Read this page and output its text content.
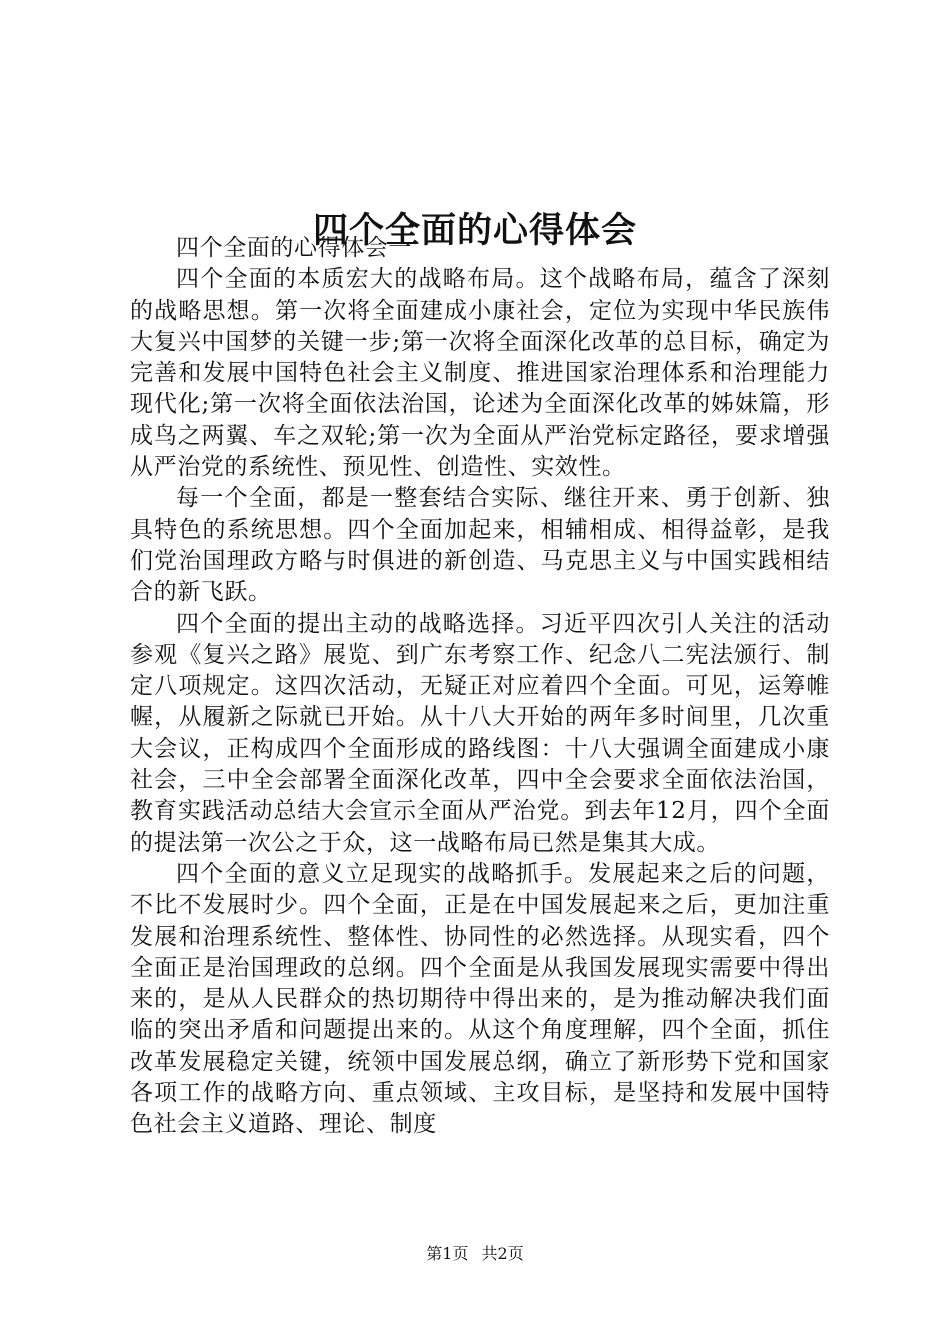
四个全面的心得体会

四个全面的心得体会一

四个全面的本质宏大的战略布局。这个战略布局，蕴含了深刻的战略思想。第一次将全面建成小康社会，定位为实现中华民族伟大复兴中国梦的关键一步;第一次将全面深化改革的总目标，确定为完善和发展中国特色社会主义制度、推进国家治理体系和治理能力现代化;第一次将全面依法治国，论述为全面深化改革的姊妹篇，形成鸟之两翼、车之双轮;第一次为全面从严治党标定路径，要求增强从严治党的系统性、预见性、创造性、实效性。

每一个全面，都是一整套结合实际、继往开来、勇于创新、独具特色的系统思想。四个全面加起来，相辅相成、相得益彰，是我们党治国理政方略与时俱进的新创造、马克思主义与中国实践相结合的新飞跃。

四个全面的提出主动的战略选择。习近平四次引人关注的活动参观《复兴之路》展览、到广东考察工作、纪念八二宪法颁行、制定八项规定。这四次活动，无疑正对应着四个全面。可见，运筹帷幄，从履新之际就已开始。从十八大开始的两年多时间里，几次重大会议，正构成四个全面形成的路线图：十八大强调全面建成小康社会，三中全会部署全面深化改革，四中全会要求全面依法治国，教育实践活动总结大会宣示全面从严治党。到去年12月，四个全面的提法第一次公之于众，这一战略布局已然是集其大成。

四个全面的意义立足现实的战略抓手。发展起来之后的问题，不比不发展时少。四个全面，正是在中国发展起来之后，更加注重发展和治理系统性、整体性、协同性的必然选择。从现实看，四个全面正是治国理政的总纲。四个全面是从我国发展现实需要中得出来的，是从人民群众的热切期待中得出来的，是为推动解决我们面临的突出矛盾和问题提出来的。从这个角度理解，四个全面，抓住改革发展稳定关键，统领中国发展总纲，确立了新形势下党和国家各项工作的战略方向、重点领域、主攻目标，是坚持和发展中国特色社会主义道路、理论、制度

第1页 共2页
